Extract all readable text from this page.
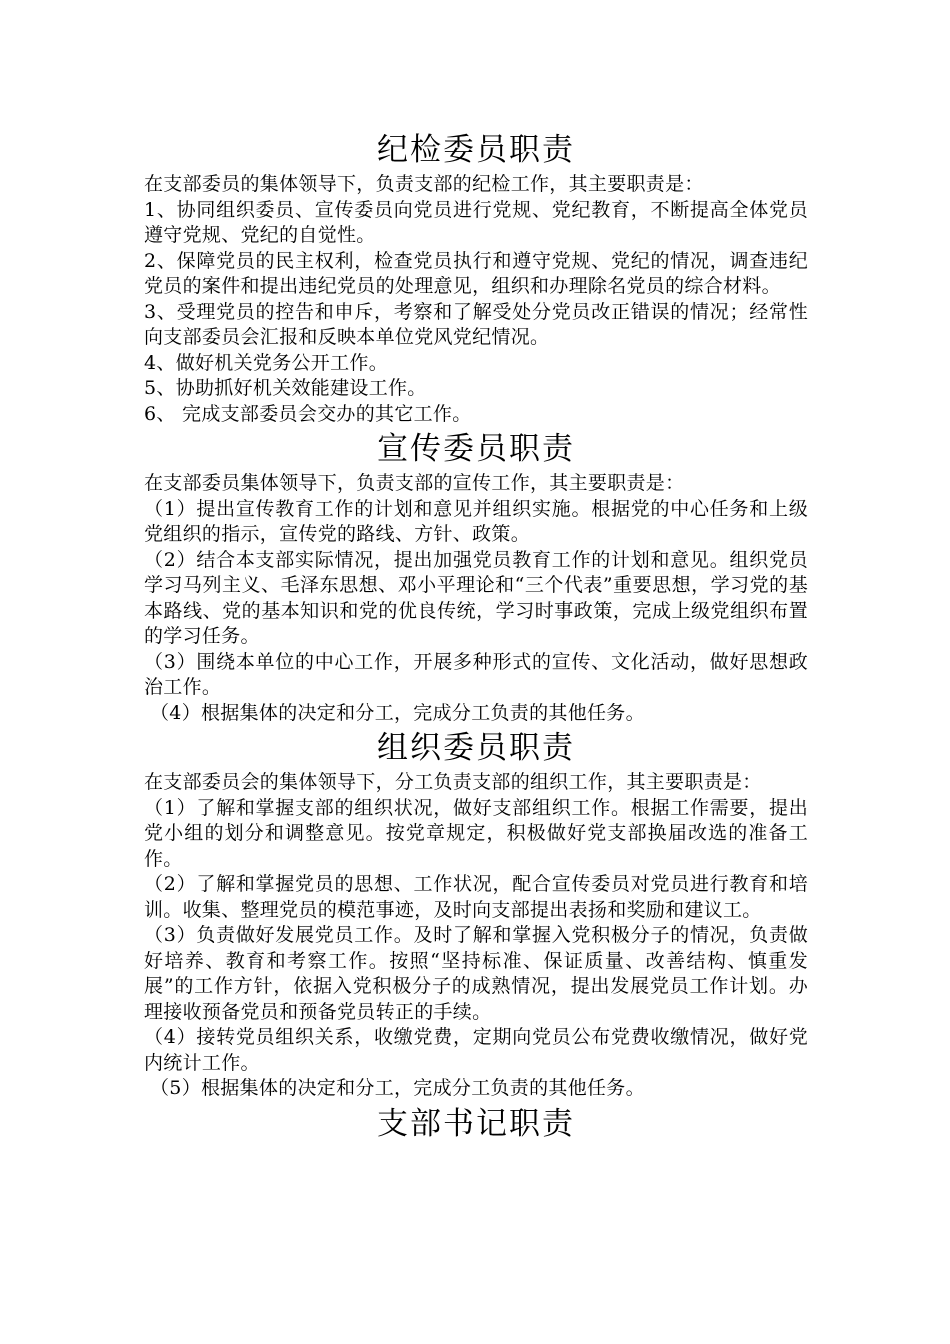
纪检委员职责

在支部委员的集体领导下，负责支部的纪检工作，其主要职责是：

1、协同组织委员、宣传委员向党员进行党规、党纪教育，不断提高全体党员遵守党规、党纪的自觉性。

2、保障党员的民主权利，检查党员执行和遵守党规、党纪的情况，调查违纪党员的案件和提出违纪党员的处理意见，组织和办理除名党员的综合材料。

3、受理党员的控告和申斥，考察和了解受处分党员改正错误的情况；经常性向支部委员会汇报和反映本单位党风党纪情况。

4、做好机关党务公开工作。

5、协助抓好机关效能建设工作。

6、 完成支部委员会交办的其它工作。

宣传委员职责

在支部委员集体领导下，负责支部的宣传工作，其主要职责是：

（1）提出宣传教育工作的计划和意见并组织实施。根据党的中心任务和上级党组织的指示，宣传党的路线、方针、政策。

（2）结合本支部实际情况，提出加强党员教育工作的计划和意见。组织党员学习马列主义、毛泽东思想、邓小平理论和“三个代表”重要思想，学习党的基本路线、党的基本知识和党的优良传统，学习时事政策，完成上级党组织布置的学习任务。

（3）围绕本单位的中心工作，开展多种形式的宣传、文化活动，做好思想政治工作。

（4）根据集体的决定和分工，完成分工负责的其他任务。

组织委员职责

在支部委员会的集体领导下，分工负责支部的组织工作，其主要职责是：

（1）了解和掌握支部的组织状况，做好支部组织工作。根据工作需要，提出党小组的划分和调整意见。按党章规定，积极做好党支部换届改选的准备工作。

（2）了解和掌握党员的思想、工作状况，配合宣传委员对党员进行教育和培训。收集、整理党员的模范事迹，及时向支部提出表扬和奖励和建议工。

（3）负责做好发展党员工作。及时了解和掌握入党积极分子的情况，负责做好培养、教育和考察工作。按照“坚持标准、保证质量、改善结构、慎重发展”的工作方针，依据入党积极分子的成熟情况，提出发展党员工作计划。办理接收预备党员和预备党员转正的手续。

（4）接转党员组织关系，收缴党费，定期向党员公布党费收缴情况，做好党内统计工作。

（5）根据集体的决定和分工，完成分工负责的其他任务。

支部书记职责
